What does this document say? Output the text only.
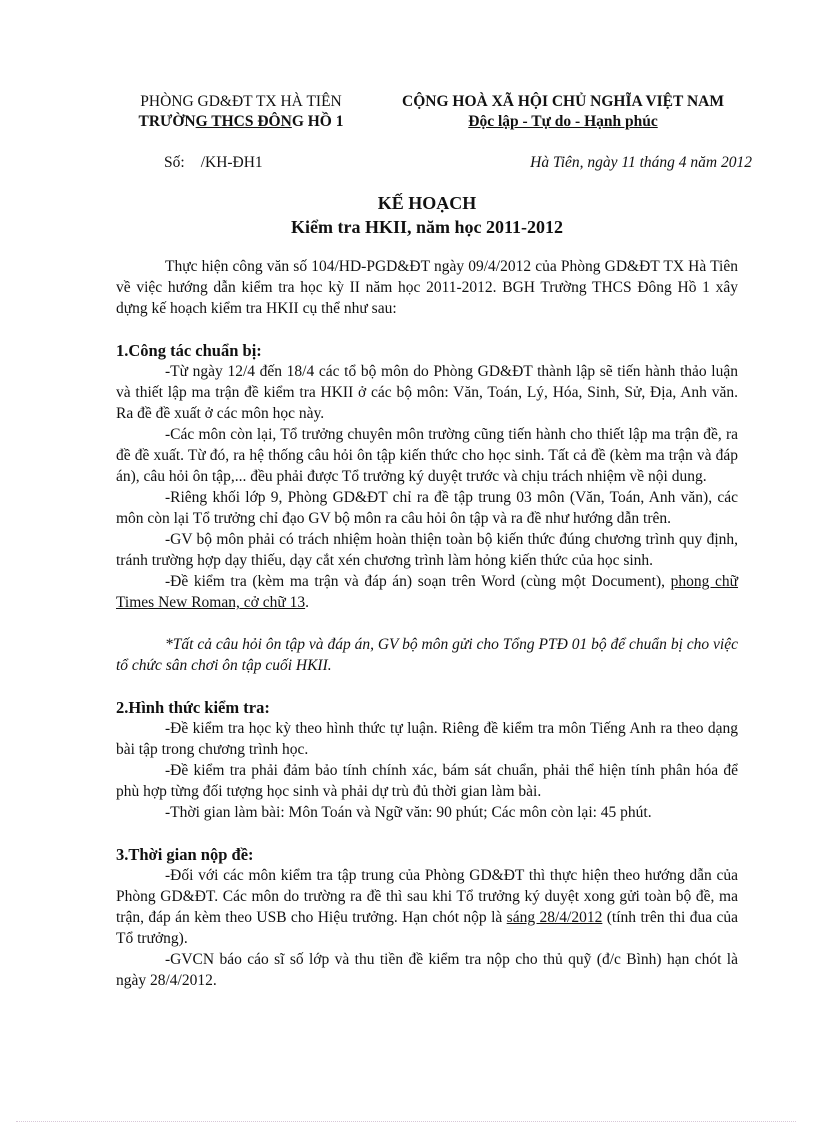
PHÒNG GD&ĐT TX HÀ TIÊN
TRƯỜNG THCS ĐÔNG HỒ 1
CỘNG HOÀ XÃ HỘI CHỦ NGHĨA VIỆT NAM
Độc lập - Tự do - Hạnh phúc
Số: /KH-ĐH1	Hà Tiên, ngày 11 tháng 4 năm 2012
KẾ HOẠCH
Kiểm tra HKII, năm học 2011-2012

Thực hiện công văn số 104/HD-PGD&ĐT ngày 09/4/2012 của Phòng GD&ĐT TX Hà Tiên về việc hướng dẫn kiểm tra học kỳ II năm học 2011-2012. BGH Trường THCS Đông Hồ 1 xây dựng kế hoạch kiểm tra HKII cụ thể như sau:

1.Công tác chuẩn bị:

-Từ ngày 12/4 đến 18/4 các tổ bộ môn do Phòng GD&ĐT thành lập sẽ tiến hành thảo luận và thiết lập ma trận đề kiểm tra HKII ở các bộ môn: Văn, Toán, Lý, Hóa, Sinh, Sử, Địa, Anh văn. Ra đề đề xuất ở các môn học này.

-Các môn còn lại, Tổ trưởng chuyên môn trường cũng tiến hành cho thiết lập ma trận đề, ra đề đề xuất. Từ đó, ra hệ thống câu hỏi ôn tập kiến thức cho học sinh. Tất cả đề (kèm ma trận và đáp án), câu hỏi ôn tập,... đều phải được Tổ trưởng ký duyệt trước và chịu trách nhiệm về nội dung.

-Riêng khối lớp 9, Phòng GD&ĐT chỉ ra đề tập trung 03 môn (Văn, Toán, Anh văn), các môn còn lại Tổ trưởng chỉ đạo GV bộ môn ra câu hỏi ôn tập và ra đề như hướng dẫn trên.

-GV bộ môn phải có trách nhiệm hoàn thiện toàn bộ kiến thức đúng chương trình quy định, tránh trường hợp dạy thiếu, dạy cắt xén chương trình làm hỏng kiến thức của học sinh.

-Đề kiểm tra (kèm ma trận và đáp án) soạn trên Word (cùng một Document), phong chữ Times New Roman, cở chữ 13.

*Tất cả câu hỏi ôn tập và đáp án, GV bộ môn gửi cho Tổng PTĐ 01 bộ để chuẩn bị cho việc tổ chức sân chơi ôn tập cuối HKII.

2.Hình thức kiểm tra:

-Đề kiểm tra học kỳ theo hình thức tự luận. Riêng đề kiểm tra môn Tiếng Anh ra theo dạng bài tập trong chương trình học.

-Đề kiểm tra phải đảm bảo tính chính xác, bám sát chuẩn, phải thể hiện tính phân hóa để phù hợp từng đối tượng học sinh và phải dự trù đủ thời gian làm bài.

-Thời gian làm bài: Môn Toán và Ngữ văn: 90 phút; Các môn còn lại: 45 phút.

3.Thời gian nộp đề:

-Đối với các môn kiểm tra tập trung của Phòng GD&ĐT thì thực hiện theo hướng dẫn của Phòng GD&ĐT. Các môn do trường ra đề thì sau khi Tổ trưởng ký duyệt xong gửi toàn bộ đề, ma trận, đáp án kèm theo USB cho Hiệu trưởng. Hạn chót nộp là sáng 28/4/2012 (tính trên thi đua của Tổ trưởng).

-GVCN báo cáo sĩ số lớp và thu tiền đề kiểm tra nộp cho thủ quỹ (đ/c Bình) hạn chót là ngày 28/4/2012.
